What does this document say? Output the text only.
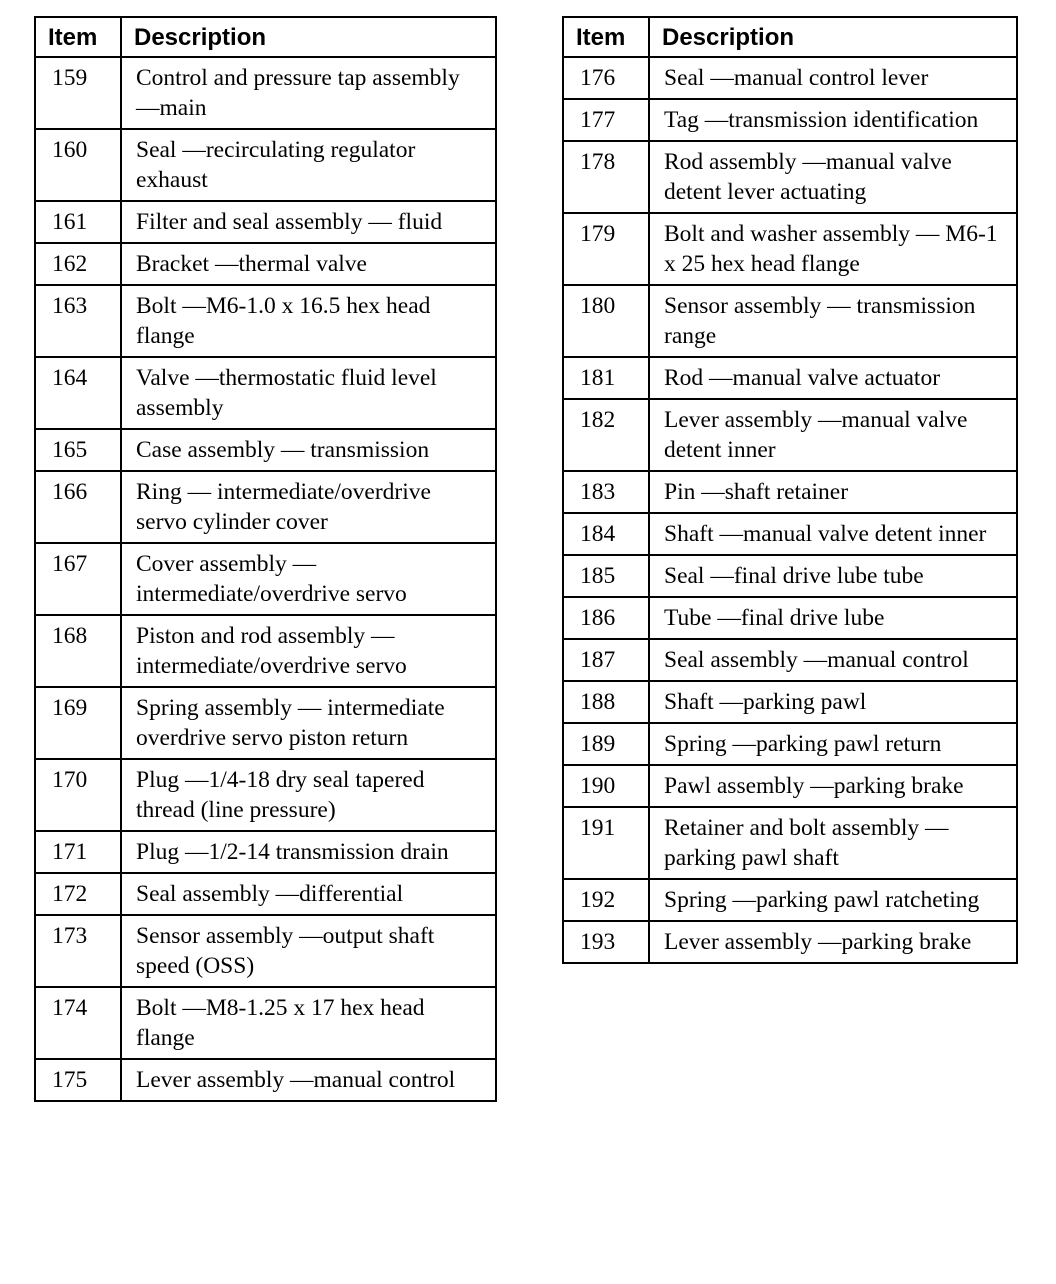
Item	Description
159	Control and pressure tap assembly —main
160	Seal —recirculating regulator exhaust
161	Filter and seal assembly — fluid
162	Bracket —thermal valve
163	Bolt —M6-1.0 x 16.5 hex head flange
164	Valve —thermostatic fluid level assembly
165	Case assembly — transmission
166	Ring — intermediate/overdrive servo cylinder cover
167	Cover assembly — intermediate/overdrive servo
168	Piston and rod assembly — intermediate/overdrive servo
169	Spring assembly — intermediate overdrive servo piston return
170	Plug —1/4-18 dry seal tapered thread (line pressure)
171	Plug —1/2-14 transmission drain
172	Seal assembly —differential
173	Sensor assembly —output shaft speed (OSS)
174	Bolt —M8-1.25 x 17 hex head flange
175	Lever assembly —manual control
Item	Description
176	Seal —manual control lever
177	Tag —transmission identification
178	Rod assembly —manual valve detent lever actuating
179	Bolt and washer assembly — M6-1 x 25 hex head flange
180	Sensor assembly — transmission range
181	Rod —manual valve actuator
182	Lever assembly —manual valve detent inner
183	Pin —shaft retainer
184	Shaft —manual valve detent inner
185	Seal —final drive lube tube
186	Tube —final drive lube
187	Seal assembly —manual control
188	Shaft —parking pawl
189	Spring —parking pawl return
190	Pawl assembly —parking brake
191	Retainer and bolt assembly — parking pawl shaft
192	Spring —parking pawl ratcheting
193	Lever assembly —parking brake
